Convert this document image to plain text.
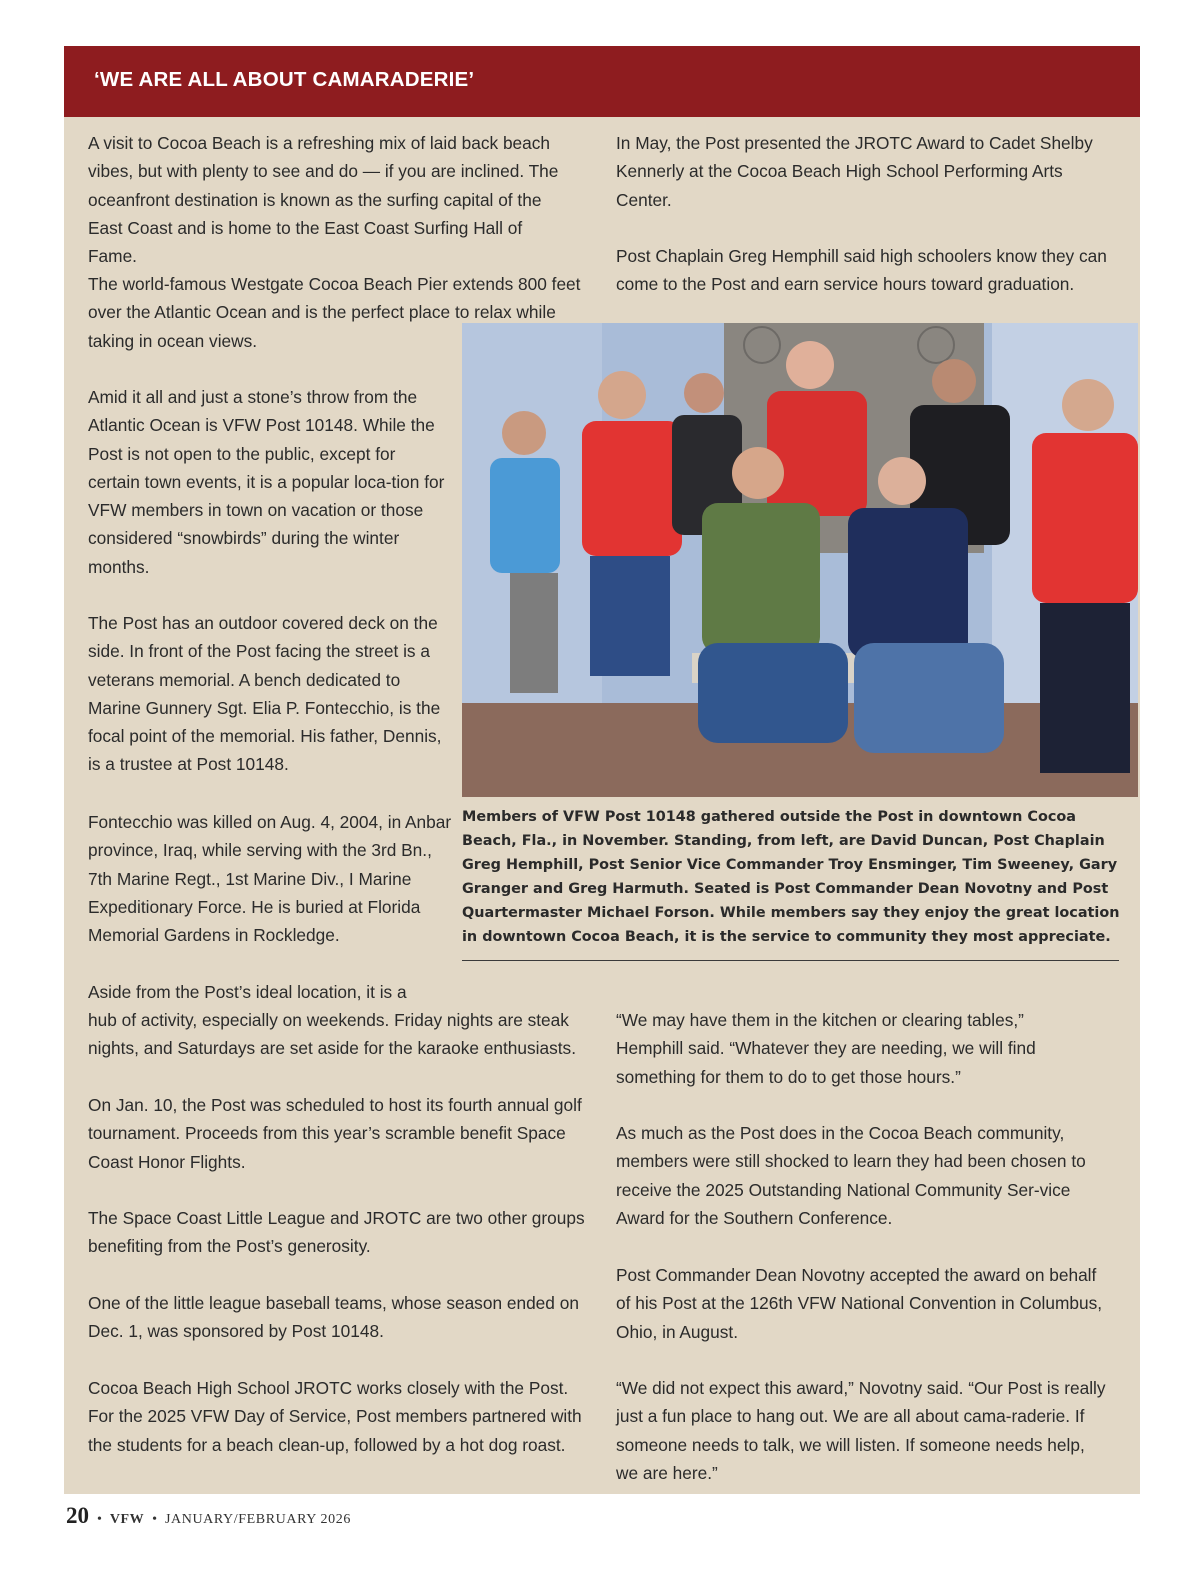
‘WE ARE ALL ABOUT CAMARADERIE’

A visit to Cocoa Beach is a refreshing mix of laid back beach vibes, but with plenty to see and do — if you are inclined. The oceanfront destination is known as the surfing capital of the East Coast and is home to the East Coast Surfing Hall of Fame.

The world-famous Westgate Cocoa Beach Pier extends 800 feet over the Atlantic Ocean and is the perfect place to relax while taking in ocean views.

Amid it all and just a stone’s throw from the Atlantic Ocean is VFW Post 10148. While the Post is not open to the public, except for certain town events, it is a popular loca-tion for VFW members in town on vacation or those considered “snowbirds” during the winter months.

The Post has an outdoor covered deck on the side. In front of the Post facing the street is a veterans memorial. A bench dedicated to Marine Gunnery Sgt. Elia P. Fontecchio, is the focal point of the memorial. His father, Dennis, is a trustee at Post 10148.

Fontecchio was killed on Aug. 4, 2004, in Anbar province, Iraq, while serving with the 3rd Bn., 7th Marine Regt., 1st Marine Div., I Marine Expeditionary Force. He is buried at Florida Memorial Gardens in Rockledge.

Aside from the Post’s ideal location, it is a

hub of activity, especially on weekends. Friday nights are steak nights, and Saturdays are set aside for the karaoke enthusiasts.

On Jan. 10, the Post was scheduled to host its fourth annual golf tournament. Proceeds from this year’s scramble benefit Space Coast Honor Flights.

The Space Coast Little League and JROTC are two other groups benefiting from the Post’s generosity.

One of the little league baseball teams, whose season ended on Dec. 1, was sponsored by Post 10148.

Cocoa Beach High School JROTC works closely with the Post. For the 2025 VFW Day of Service, Post members partnered with the students for a beach clean-up, followed by a hot dog roast.

In May, the Post presented the JROTC Award to Cadet Shelby Kennerly at the Cocoa Beach High School Performing Arts Center.

Post Chaplain Greg Hemphill said high schoolers know they can come to the Post and earn service hours toward graduation.

“We may have them in the kitchen or clearing tables,” Hemphill said. “Whatever they are needing, we will find something for them to do to get those hours.”

As much as the Post does in the Cocoa Beach community, members were still shocked to learn they had been chosen to receive the 2025 Outstanding National Community Ser-vice Award for the Southern Conference.

Post Commander Dean Novotny accepted the award on behalf of his Post at the 126th VFW National Convention in Columbus, Ohio, in August.

“We did not expect this award,” Novotny said. “Our Post is really just a fun place to hang out. We are all about cama-raderie. If someone needs to talk, we will listen. If someone needs help, we are here.”

Members of VFW Post 10148 gathered outside the Post in downtown Cocoa Beach, Fla., in November. Standing, from left, are David Duncan, Post Chaplain Greg Hemphill, Post Senior Vice Commander Troy Ensminger, Tim Sweeney, Gary Granger and Greg Harmuth. Seated is Post Commander Dean Novotny and Post Quartermaster Michael Forson. While members say they enjoy the great location in downtown Cocoa Beach, it is the service to community they most appreciate.
20 • VFW • JANUARY/FEBRUARY 2026
